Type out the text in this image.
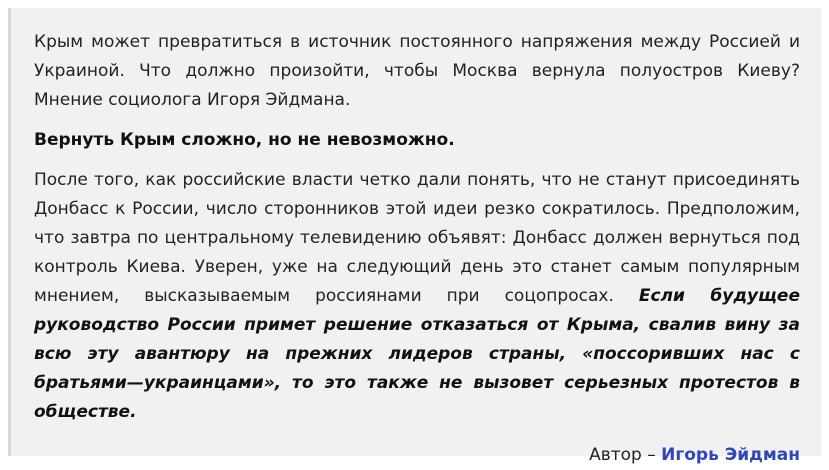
Крым может превратиться в источник постоянного напряжения между Россией и Украиной. Что должно произойти, чтобы Москва вернула полуостров Киеву? Мнение социолога Игоря Эйдмана.

Вернуть Крым сложно, но не невозможно.

После того, как российские власти четко дали понять, что не станут присоединять Донбасс к России, число сторонников этой идеи резко сократилось. Предположим, что завтра по центральному телевидению объявят: Донбасс должен вернуться под контроль Киева. Уверен, уже на следующий день это станет самым популярным мнением, высказываемым россиянами при соцопросах. Если будущее руководство России примет решение отказаться от Крыма, свалив вину за всю эту авантюру на прежних лидеров страны, «поссоривших нас с братьями—украинцами», то это также не вызовет серьезных протестов в обществе.

Автор – Игорь Эйдман
